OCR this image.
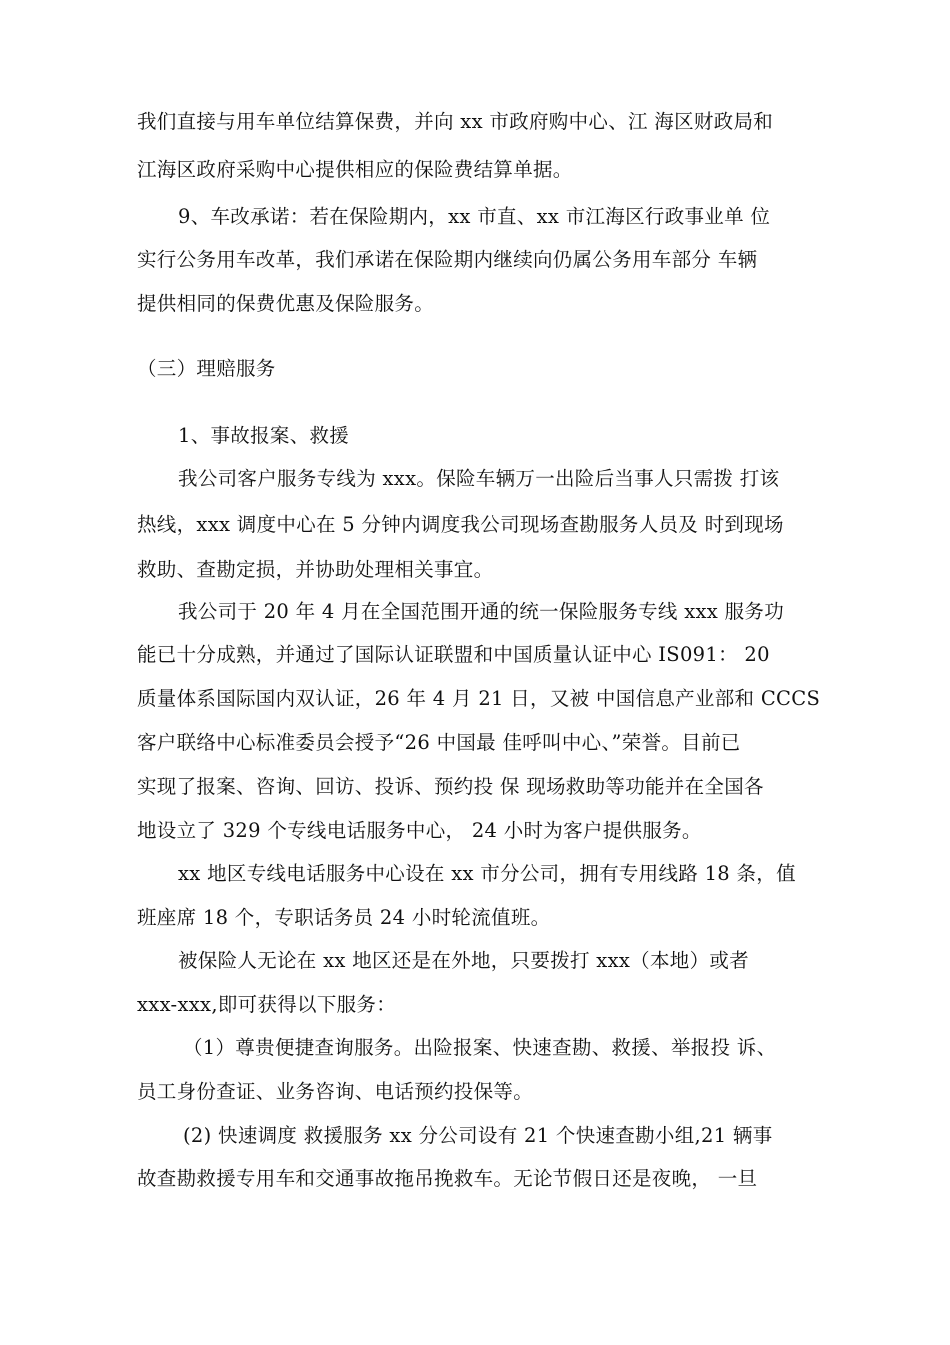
我们直接与用车单位结算保费，并向 xx 市政府购中心、江 海区财政局和
江海区政府采购中心提供相应的保险费结算单据。
9、车改承诺：若在保险期内，xx 市直、xx 市江海区行政事业单 位
实行公务用车改革，我们承诺在保险期内继续向仍属公务用车部分 车辆
提供相同的保费优惠及保险服务。
（三）理赔服务
1、事故报案、救援
我公司客户服务专线为 xxx。保险车辆万一出险后当事人只需拨 打该
热线，xxx 调度中心在 5 分钟内调度我公司现场查勘服务人员及 时到现场
救助、查勘定损，并协助处理相关事宜。
我公司于 20 年 4 月在全国范围开通的统一保险服务专线 xxx 服务功
能已十分成熟，并通过了国际认证联盟和中国质量认证中心 IS091： 20
质量体系国际国内双认证，26 年 4 月 21 日，又被 中国信息产业部和 CCCS
客户联络中心标准委员会授予“26 中国最 佳呼叫中心、”荣誉。目前已
实现了报案、咨询、回访、投诉、预约投 保 现场救助等功能并在全国各
地设立了 329 个专线电话服务中心， 24 小时为客户提供服务。
xx 地区专线电话服务中心设在 xx 市分公司，拥有专用线路 18 条，值
班座席 18 个，专职话务员 24 小时轮流值班。
被保险人无论在 xx 地区还是在外地，只要拨打 xxx（本地）或者
xxx-xxx,即可获得以下服务：
（1）尊贵便捷查询服务。出险报案、快速查勘、救援、举报投 诉、
员工身份查证、业务咨询、电话预约投保等。
(2) 快速调度 救援服务 xx 分公司设有 21 个快速查勘小组,21 辆事
故查勘救援专用车和交通事故拖吊挽救车。无论节假日还是夜晚， 一旦
